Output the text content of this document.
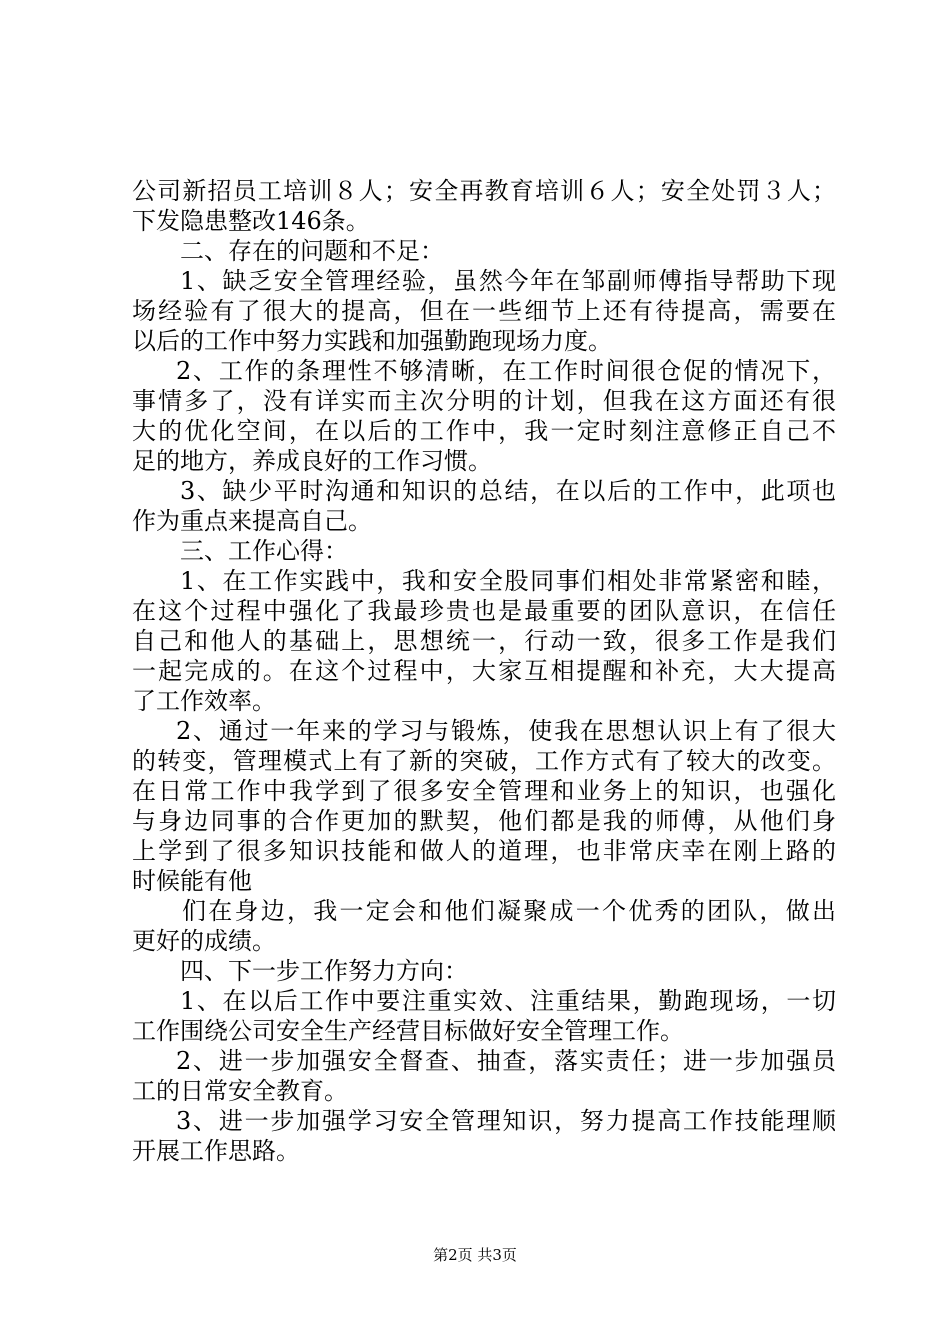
公司新招员工培训８人；安全再教育培训６人；安全处罚３人；
下发隐患整改146条。
二、存在的问题和不足：
1、缺乏安全管理经验，虽然今年在邹副师傅指导帮助下现
场经验有了很大的提高，但在一些细节上还有待提高，需要在
以后的工作中努力实践和加强勤跑现场力度。
2、工作的条理性不够清晰，在工作时间很仓促的情况下，
事情多了，没有详实而主次分明的计划，但我在这方面还有很
大的优化空间，在以后的工作中，我一定时刻注意修正自己不
足的地方，养成良好的工作习惯。
3、缺少平时沟通和知识的总结，在以后的工作中，此项也
作为重点来提高自己。
三、工作心得：
1、在工作实践中，我和安全股同事们相处非常紧密和睦，
在这个过程中强化了我最珍贵也是最重要的团队意识，在信任
自己和他人的基础上，思想统一，行动一致，很多工作是我们
一起完成的。在这个过程中，大家互相提醒和补充，大大提高
了工作效率。
2、通过一年来的学习与锻炼，使我在思想认识上有了很大
的转变，管理模式上有了新的突破，工作方式有了较大的改变。
在日常工作中我学到了很多安全管理和业务上的知识，也强化
与身边同事的合作更加的默契，他们都是我的师傅，从他们身
上学到了很多知识技能和做人的道理，也非常庆幸在刚上路的
时候能有他
们在身边，我一定会和他们凝聚成一个优秀的团队，做出
更好的成绩。
四、下一步工作努力方向：
1、在以后工作中要注重实效、注重结果，勤跑现场，一切
工作围绕公司安全生产经营目标做好安全管理工作。
2、进一步加强安全督查、抽查，落实责任；进一步加强员
工的日常安全教育。
3、进一步加强学习安全管理知识，努力提高工作技能理顺
开展工作思路。
第2页 共3页
